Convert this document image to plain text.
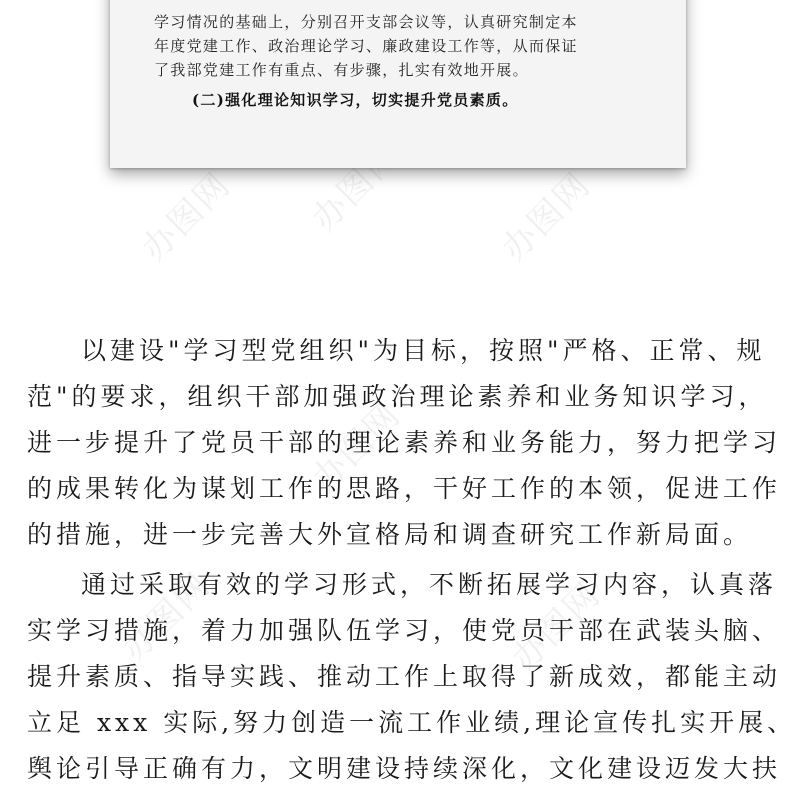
办图网 办图网	办图网
办图网
办图网
办图网
学习情况的基础上，分别召开支部会议等，认真研究制定本
年度党建工作、政治理论学习、廉政建设工作等，从而保证
了我部党建工作有重点、有步骤，扎实有效地开展。
(二)强化理论知识学习，切实提升党员素质。
以建设"学习型党组织"为目标，按照"严格、正常、规
范"的要求，组织干部加强政治理论素养和业务知识学习，
进一步提升了党员干部的理论素养和业务能力，努力把学习
的成果转化为谋划工作的思路，干好工作的本领，促进工作
的措施，进一步完善大外宣格局和调查研究工作新局面。
通过采取有效的学习形式，不断拓展学习内容，认真落
实学习措施，着力加强队伍学习，使党员干部在武装头脑、
提升素质、指导实践、推动工作上取得了新成效，都能主动
立足 xxx 实际,努力创造一流工作业绩,理论宣传扎实开展、
舆论引导正确有力，文明建设持续深化，文化建设迈发大扶
